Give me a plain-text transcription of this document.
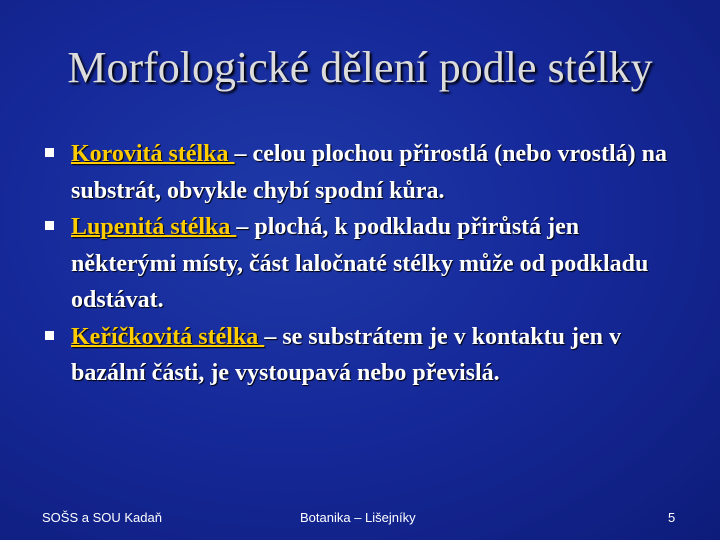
Morfologické dělení podle stélky
Korovitá stélka – celou plochou přirostlá (nebo vrostlá) na substrát, obvykle chybí spodní kůra.
Lupenitá stélka – plochá, k podkladu přirůstá jen některými místy, část laločnaté stélky může od podkladu odstávat.
Keříčkovitá stélka – se substrátem je v kontaktu jen v bazální části, je vystoupavá nebo převislá.
SOŠS a SOU Kadaň	Botanika – Lišejníky	5
